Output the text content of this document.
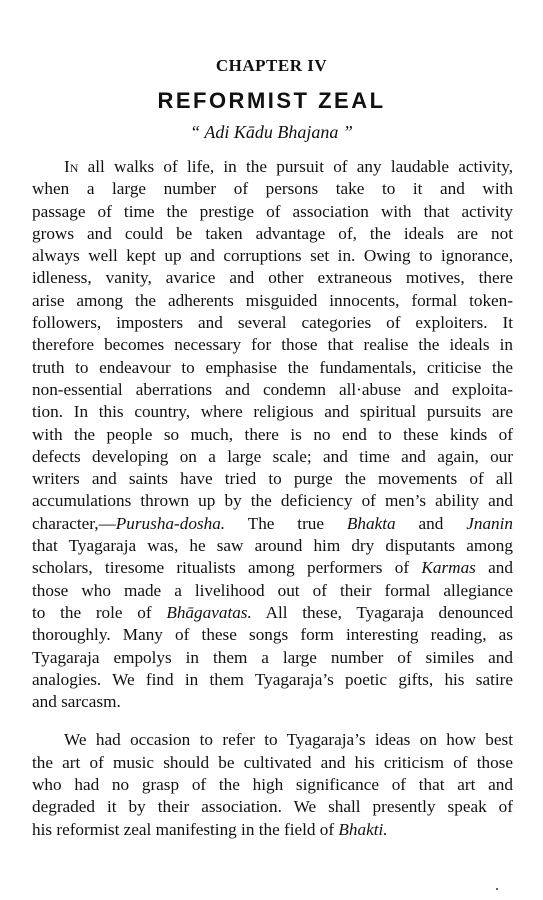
CHAPTER IV
REFORMIST ZEAL
“ Adi Kādu Bhajana ”
In all walks of life, in the pursuit of any laudable activity,
when a large number of persons take to it and with
passage of time the prestige of association with that activity
grows and could be taken advantage of, the ideals are not
always well kept up and corruptions set in. Owing to ignorance,
idleness, vanity, avarice and other extraneous motives, there
arise among the adherents misguided innocents, formal token-
followers, imposters and several categories of exploiters. It
therefore becomes necessary for those that realise the ideals in
truth to endeavour to emphasise the fundamentals, criticise the
non-essential aberrations and condemn all·abuse and exploita-
tion. In this country, where religious and spiritual pursuits are
with the people so much, there is no end to these kinds of
defects developing on a large scale; and time and again, our
writers and saints have tried to purge the movements of all
accumulations thrown up by the deficiency of men’s ability and
character,—Purusha-dosha. The true Bhakta and Jnanin
that Tyagaraja was, he saw around him dry disputants among
scholars, tiresome ritualists among performers of Karmas and
those who made a livelihood out of their formal allegiance
to the role of Bhāgavatas. All these, Tyagaraja denounced
thoroughly. Many of these songs form interesting reading, as
Tyagaraja empolys in them a large number of similes and
analogies. We find in them Tyagaraja’s poetic gifts, his satire
and sarcasm.
We had occasion to refer to Tyagaraja’s ideas on how best
the art of music should be cultivated and his criticism of those
who had no grasp of the high significance of that art and
degraded it by their association. We shall presently speak of
his reformist zeal manifesting in the field of Bhakti.
